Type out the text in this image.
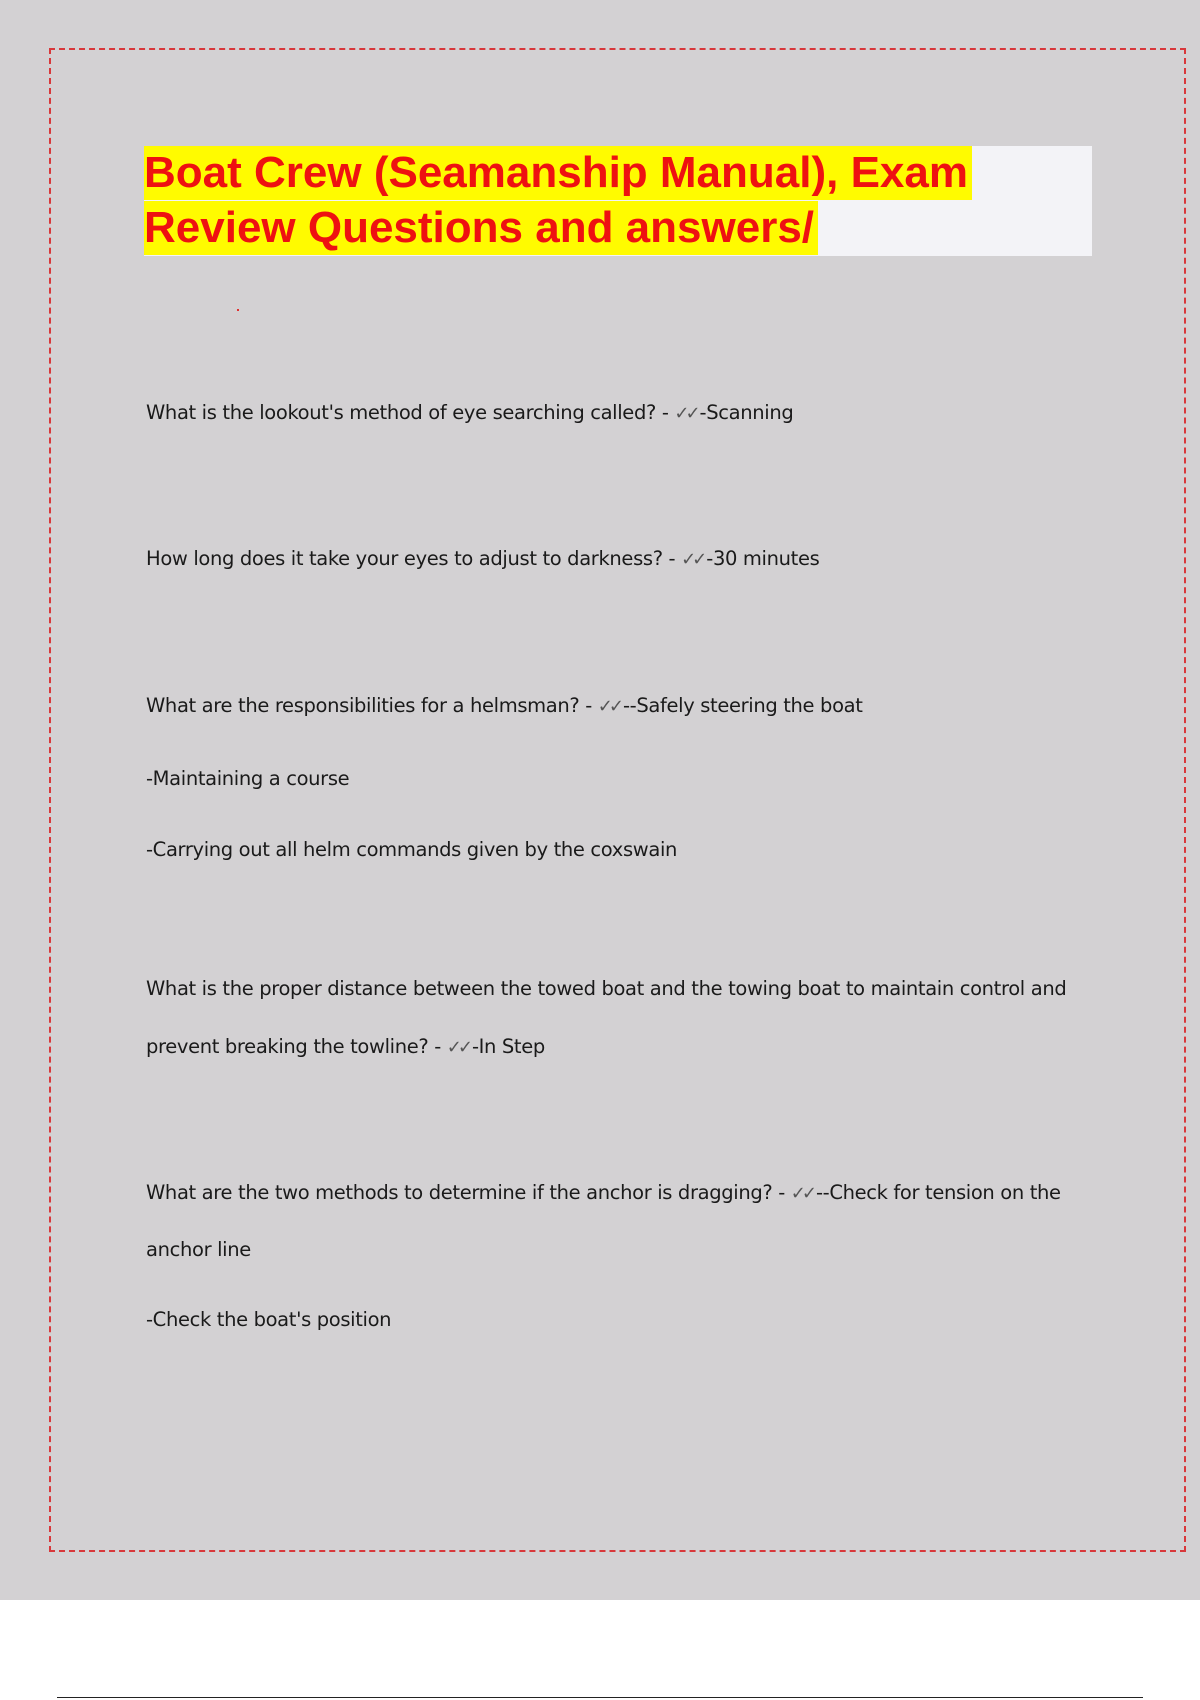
Boat Crew (Seamanship Manual), Exam
Review Questions and answers/
What is the lookout's method of eye searching called? - ✓✓ -Scanning
How long does it take your eyes to adjust to darkness? - ✓✓ -30 minutes
What are the responsibilities for a helmsman? - ✓✓ --Safely steering the boat
-Maintaining a course
-Carrying out all helm commands given by the coxswain
What is the proper distance between the towed boat and the towing boat to maintain control and
prevent breaking the towline? - ✓✓ -In Step
What are the two methods to determine if the anchor is dragging? - ✓✓ --Check for tension on the
anchor line
-Check the boat's position
